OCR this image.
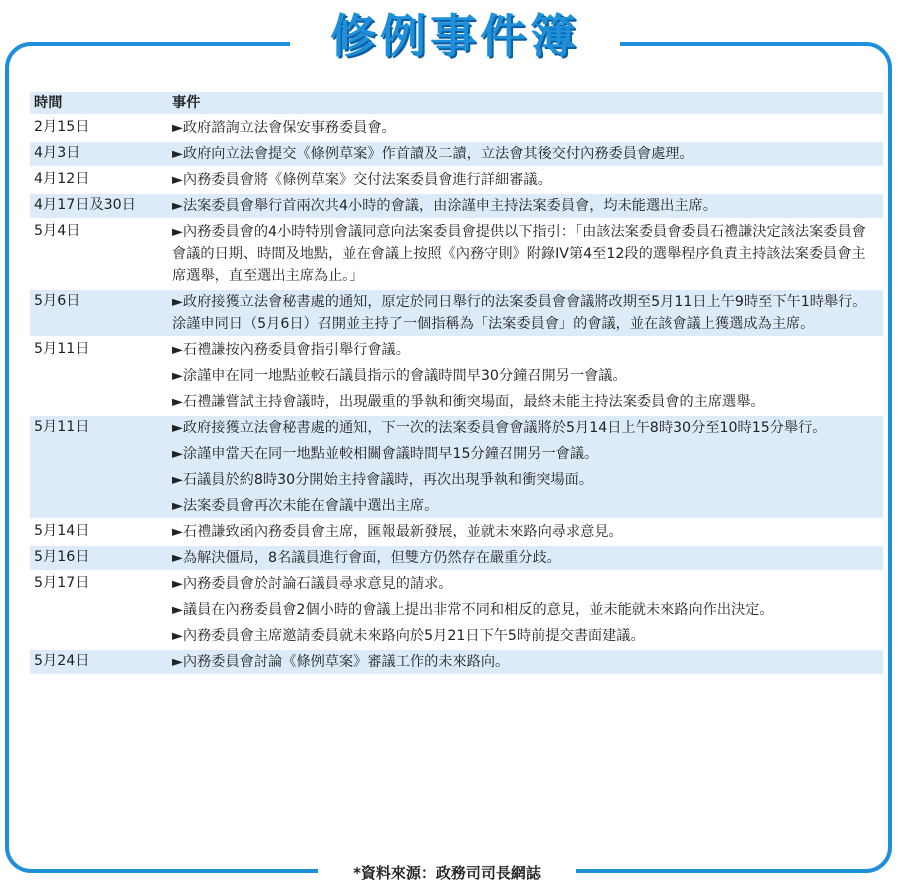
修例事件簿
時間	事件
2月15日	►政府諮詢立法會保安事務委員會。
4月3日	►政府向立法會提交《條例草案》作首讀及二讀，立法會其後交付內務委員會處理。
4月12日	►內務委員會將《條例草案》交付法案委員會進行詳細審議。
4月17日及30日	►法案委員會舉行首兩次共4小時的會議，由涂謹申主持法案委員會，均未能選出主席。
5月4日	►內務委員會的4小時特別會議同意向法案委員會提供以下指引：「由該法案委員會委員石禮謙決定該法案委員會會議的日期、時間及地點，並在會議上按照《內務守則》附錄IV第4至12段的選舉程序負責主持該法案委員會主席選舉，直至選出主席為止。」
5月6日	►政府接獲立法會秘書處的通知，原定於同日舉行的法案委員會會議將改期至5月11日上午9時至下午1時舉行。涂謹申同日（5月6日）召開並主持了一個指稱為「法案委員會」的會議，並在該會議上獲選成為主席。
5月11日	►石禮謙按內務委員會指引舉行會議。
►涂謹申在同一地點並較石議員指示的會議時間早30分鐘召開另一會議。
►石禮謙嘗試主持會議時，出現嚴重的爭執和衝突場面，最終未能主持法案委員會的主席選舉。
5月11日	►政府接獲立法會秘書處的通知，下一次的法案委員會會議將於5月14日上午8時30分至10時15分舉行。
►涂謹申當天在同一地點並較相關會議時間早15分鐘召開另一會議。
►石議員於約8時30分開始主持會議時，再次出現爭執和衝突場面。
►法案委員會再次未能在會議中選出主席。
5月14日	►石禮謙致函內務委員會主席，匯報最新發展，並就未來路向尋求意見。
5月16日	►為解決僵局，8名議員進行會面，但雙方仍然存在嚴重分歧。
5月17日	►內務委員會於討論石議員尋求意見的請求。
►議員在內務委員會2個小時的會議上提出非常不同和相反的意見，並未能就未來路向作出決定。
►內務委員會主席邀請委員就未來路向於5月21日下午5時前提交書面建議。
5月24日	►內務委員會討論《條例草案》審議工作的未來路向。
*資料來源：政務司司長網誌
